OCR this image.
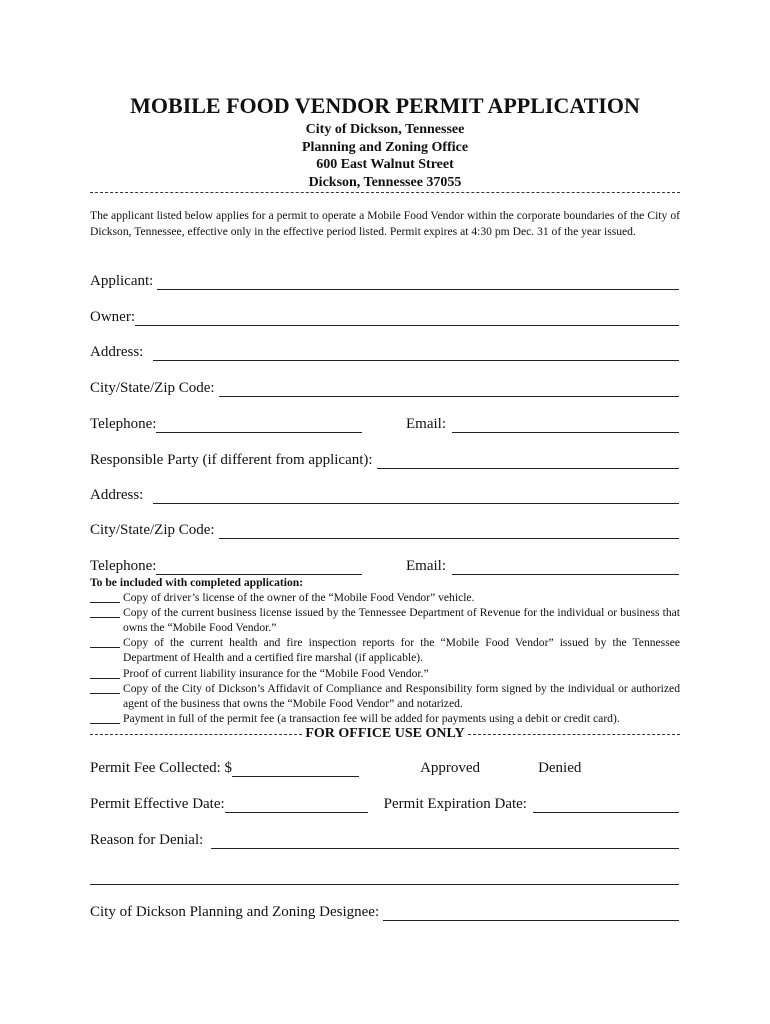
MOBILE FOOD VENDOR PERMIT APPLICATION
City of Dickson, Tennessee
Planning and Zoning Office
600 East Walnut Street
Dickson, Tennessee 37055
The applicant listed below applies for a permit to operate a Mobile Food Vendor within the corporate boundaries of the City of Dickson, Tennessee, effective only in the effective period listed. Permit expires at 4:30 pm Dec. 31 of the year issued.
Applicant:
Owner:
Address:
City/State/Zip Code:
Telephone:	Email:
Responsible Party (if different from applicant):
Address:
City/State/Zip Code:
Telephone:	Email:
To be included with completed application:
Copy of driver’s license of the owner of the “Mobile Food Vendor” vehicle.
Copy of the current business license issued by the Tennessee Department of Revenue for the individual or business that owns the “Mobile Food Vendor.”
Copy of the current health and fire inspection reports for the “Mobile Food Vendor” issued by the Tennessee Department of Health and a certified fire marshal (if applicable).
Proof of current liability insurance for the “Mobile Food Vendor.”
Copy of the City of Dickson’s Affidavit of Compliance and Responsibility form signed by the individual or authorized agent of the business that owns the “Mobile Food Vendor” and notarized.
Payment in full of the permit fee (a transaction fee will be added for payments using a debit or credit card).
FOR OFFICE USE ONLY
Permit Fee Collected: $	Approved	Denied
Permit Effective Date:	Permit Expiration Date:
Reason for Denial:
City of Dickson Planning and Zoning Designee:
